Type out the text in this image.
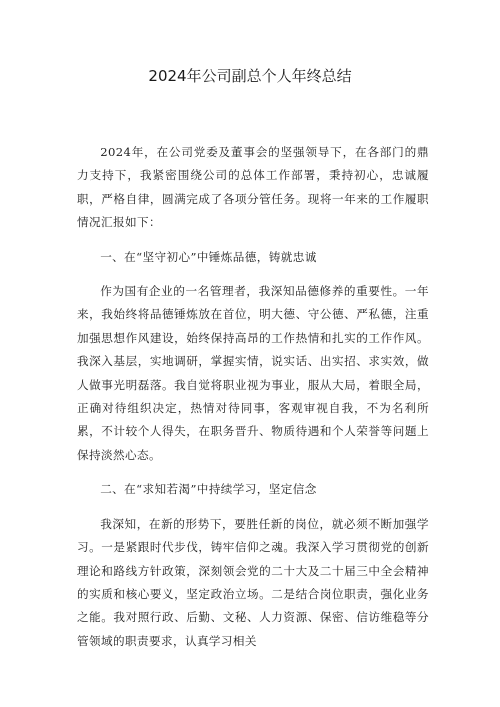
2024年公司副总个人年终总结

2024年，在公司党委及董事会的坚强领导下，在各部门的鼎力支持下，我紧密围绕公司的总体工作部署，秉持初心，忠诚履职，严格自律，圆满完成了各项分管任务。现将一年来的工作履职情况汇报如下：

一、在“坚守初心”中锤炼品德，铸就忠诚

作为国有企业的一名管理者，我深知品德修养的重要性。一年来，我始终将品德锤炼放在首位，明大德、守公德、严私德，注重加强思想作风建设，始终保持高昂的工作热情和扎实的工作作风。我深入基层，实地调研，掌握实情，说实话、出实招、求实效，做人做事光明磊落。我自觉将职业视为事业，服从大局，着眼全局，正确对待组织决定，热情对待同事，客观审视自我，不为名利所累，不计较个人得失，在职务晋升、物质待遇和个人荣誉等问题上保持淡然心态。

二、在“求知若渴”中持续学习，坚定信念

我深知，在新的形势下，要胜任新的岗位，就必须不断加强学习。一是紧跟时代步伐，铸牢信仰之魂。我深入学习贯彻党的创新理论和路线方针政策，深刻领会党的二十大及二十届三中全会精神的实质和核心要义，坚定政治立场。二是结合岗位职责，强化业务之能。我对照行政、后勤、文秘、人力资源、保密、信访维稳等分管领域的职责要求，认真学习相关
